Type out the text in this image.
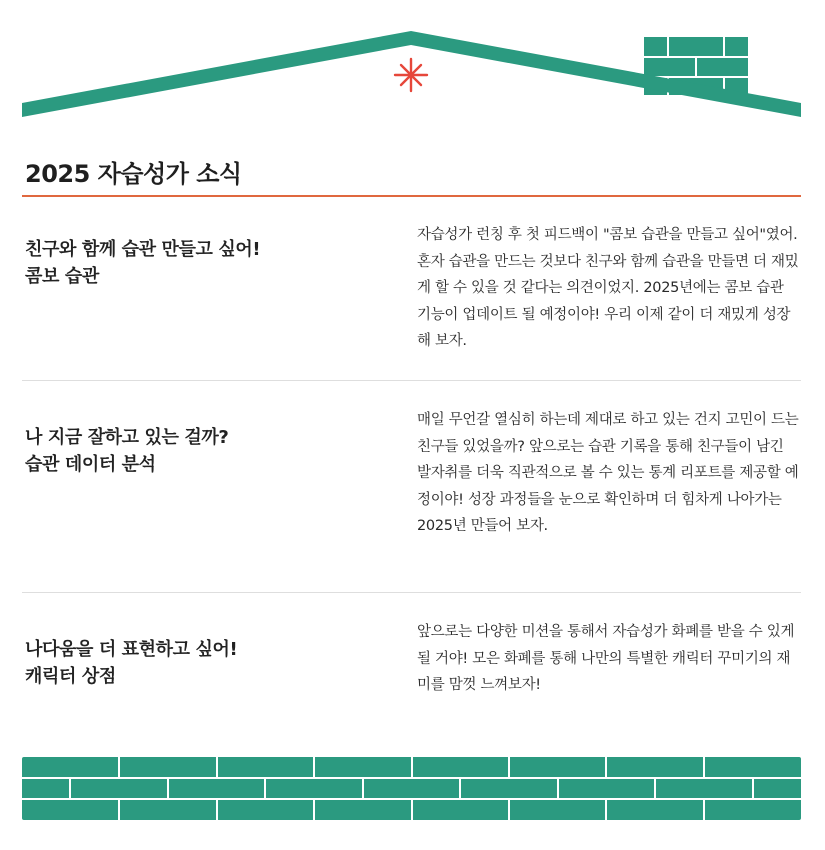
2025 자습성가 소식
친구와 함께 습관 만들고 싶어!
콤보 습관

자습성가 런칭 후 첫 피드백이 "콤보 습관을 만들고 싶어"였어. 혼자 습관을 만드는 것보다 친구와 함께 습관을 만들면 더 재밌게 할 수 있을 것 같다는 의견이었지. 2025년에는 콤보 습관 기능이 업데이트 될 예정이야! 우리 이제 같이 더 재밌게 성장해 보자.

나 지금 잘하고 있는 걸까?
습관 데이터 분석

매일 무언갈 열심히 하는데 제대로 하고 있는 건지 고민이 드는 친구들 있었을까? 앞으로는 습관 기록을 통해 친구들이 남긴 발자취를 더욱 직관적으로 볼 수 있는 통계 리포트를 제공할 예정이야! 성장 과정들을 눈으로 확인하며 더 힘차게 나아가는 2025년 만들어 보자.

나다움을 더 표현하고 싶어!
캐릭터 상점

앞으로는 다양한 미션을 통해서 자습성가 화폐를 받을 수 있게 될 거야! 모은 화폐를 통해 나만의 특별한 캐릭터 꾸미기의 재미를 맘껏 느껴보자!
